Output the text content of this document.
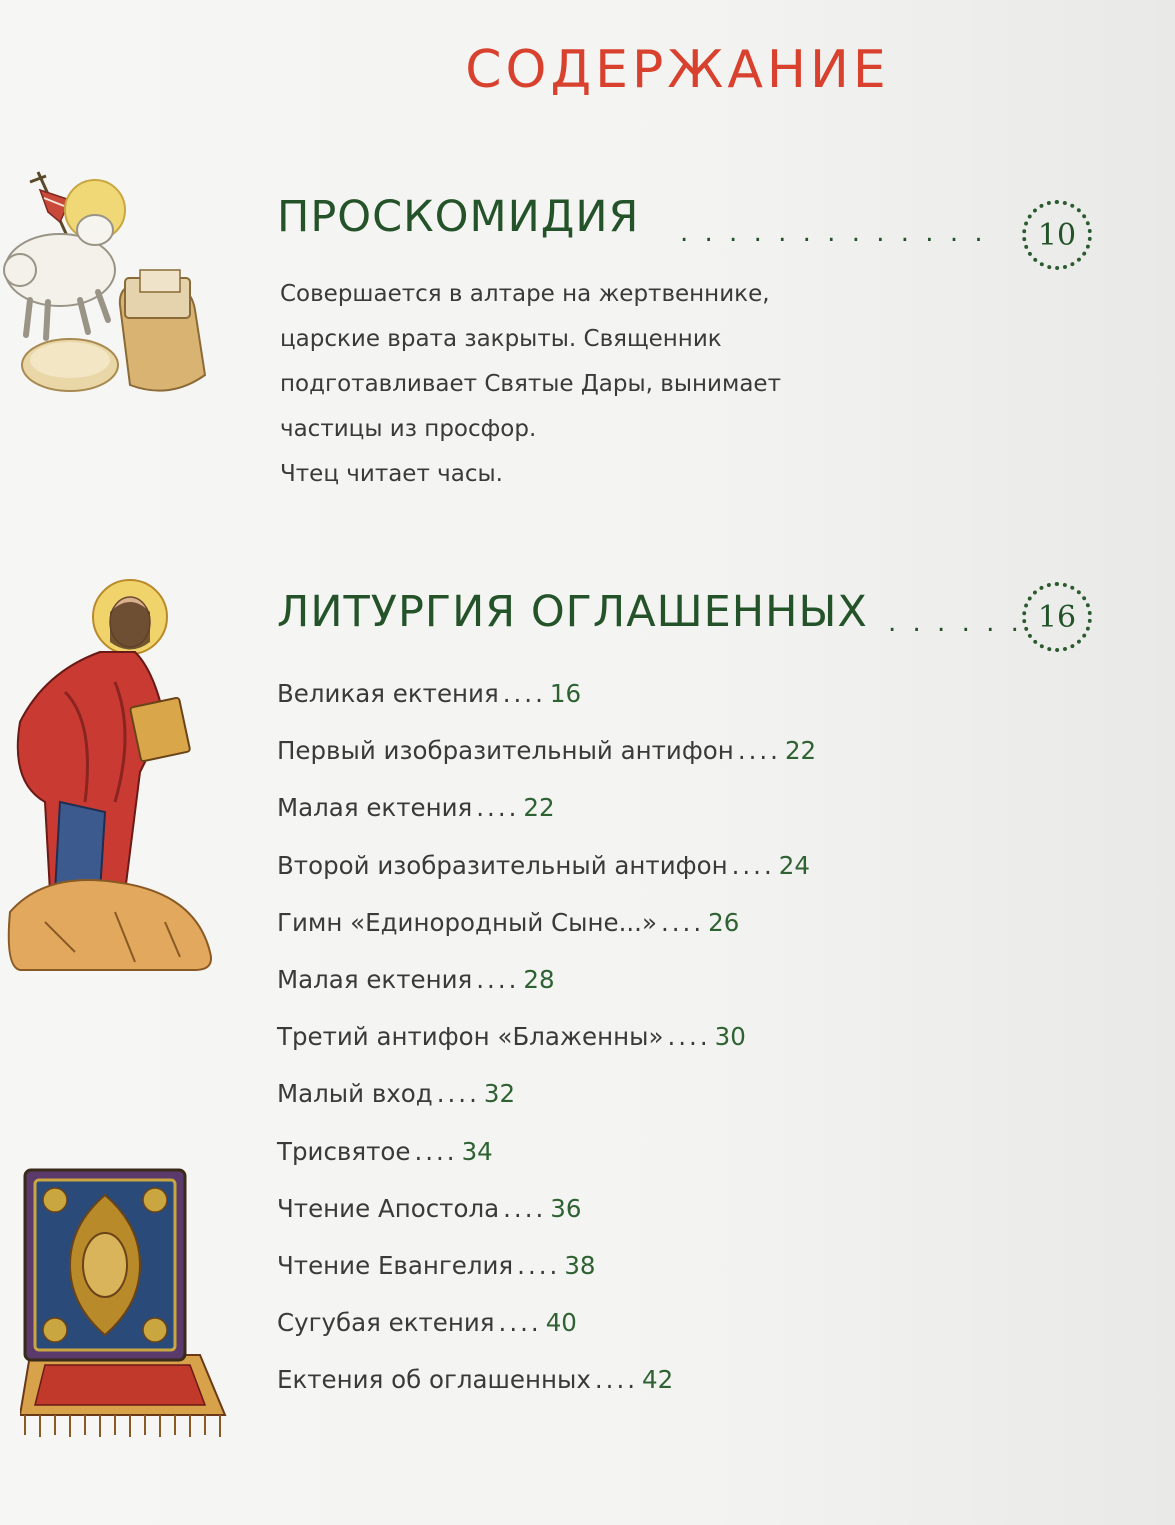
СОДЕРЖАНИЕ
ПРОСКОМИДИЯ . . . . . . . . . . . . . 10

Совершается в алтаре на жертвеннике,

царские врата закрыты. Священник

подготавливает Святые Дары, вынимает

частицы из просфор.

Чтец читает часы.

ЛИТУРГИЯ ОГЛАШЕННЫХ . . . . . . 16
Великая ектения .... 16
Первый изобразительный антифон .... 22
Малая ектения .... 22
Второй изобразительный антифон .... 24
Гимн «Единородный Сыне...» .... 26
Малая ектения .... 28
Третий антифон «Блаженны» .... 30
Малый вход .... 32
Трисвятое .... 34
Чтение Апостола .... 36
Чтение Евангелия .... 38
Сугубая ектения .... 40
Ектения об оглашенных .... 42
